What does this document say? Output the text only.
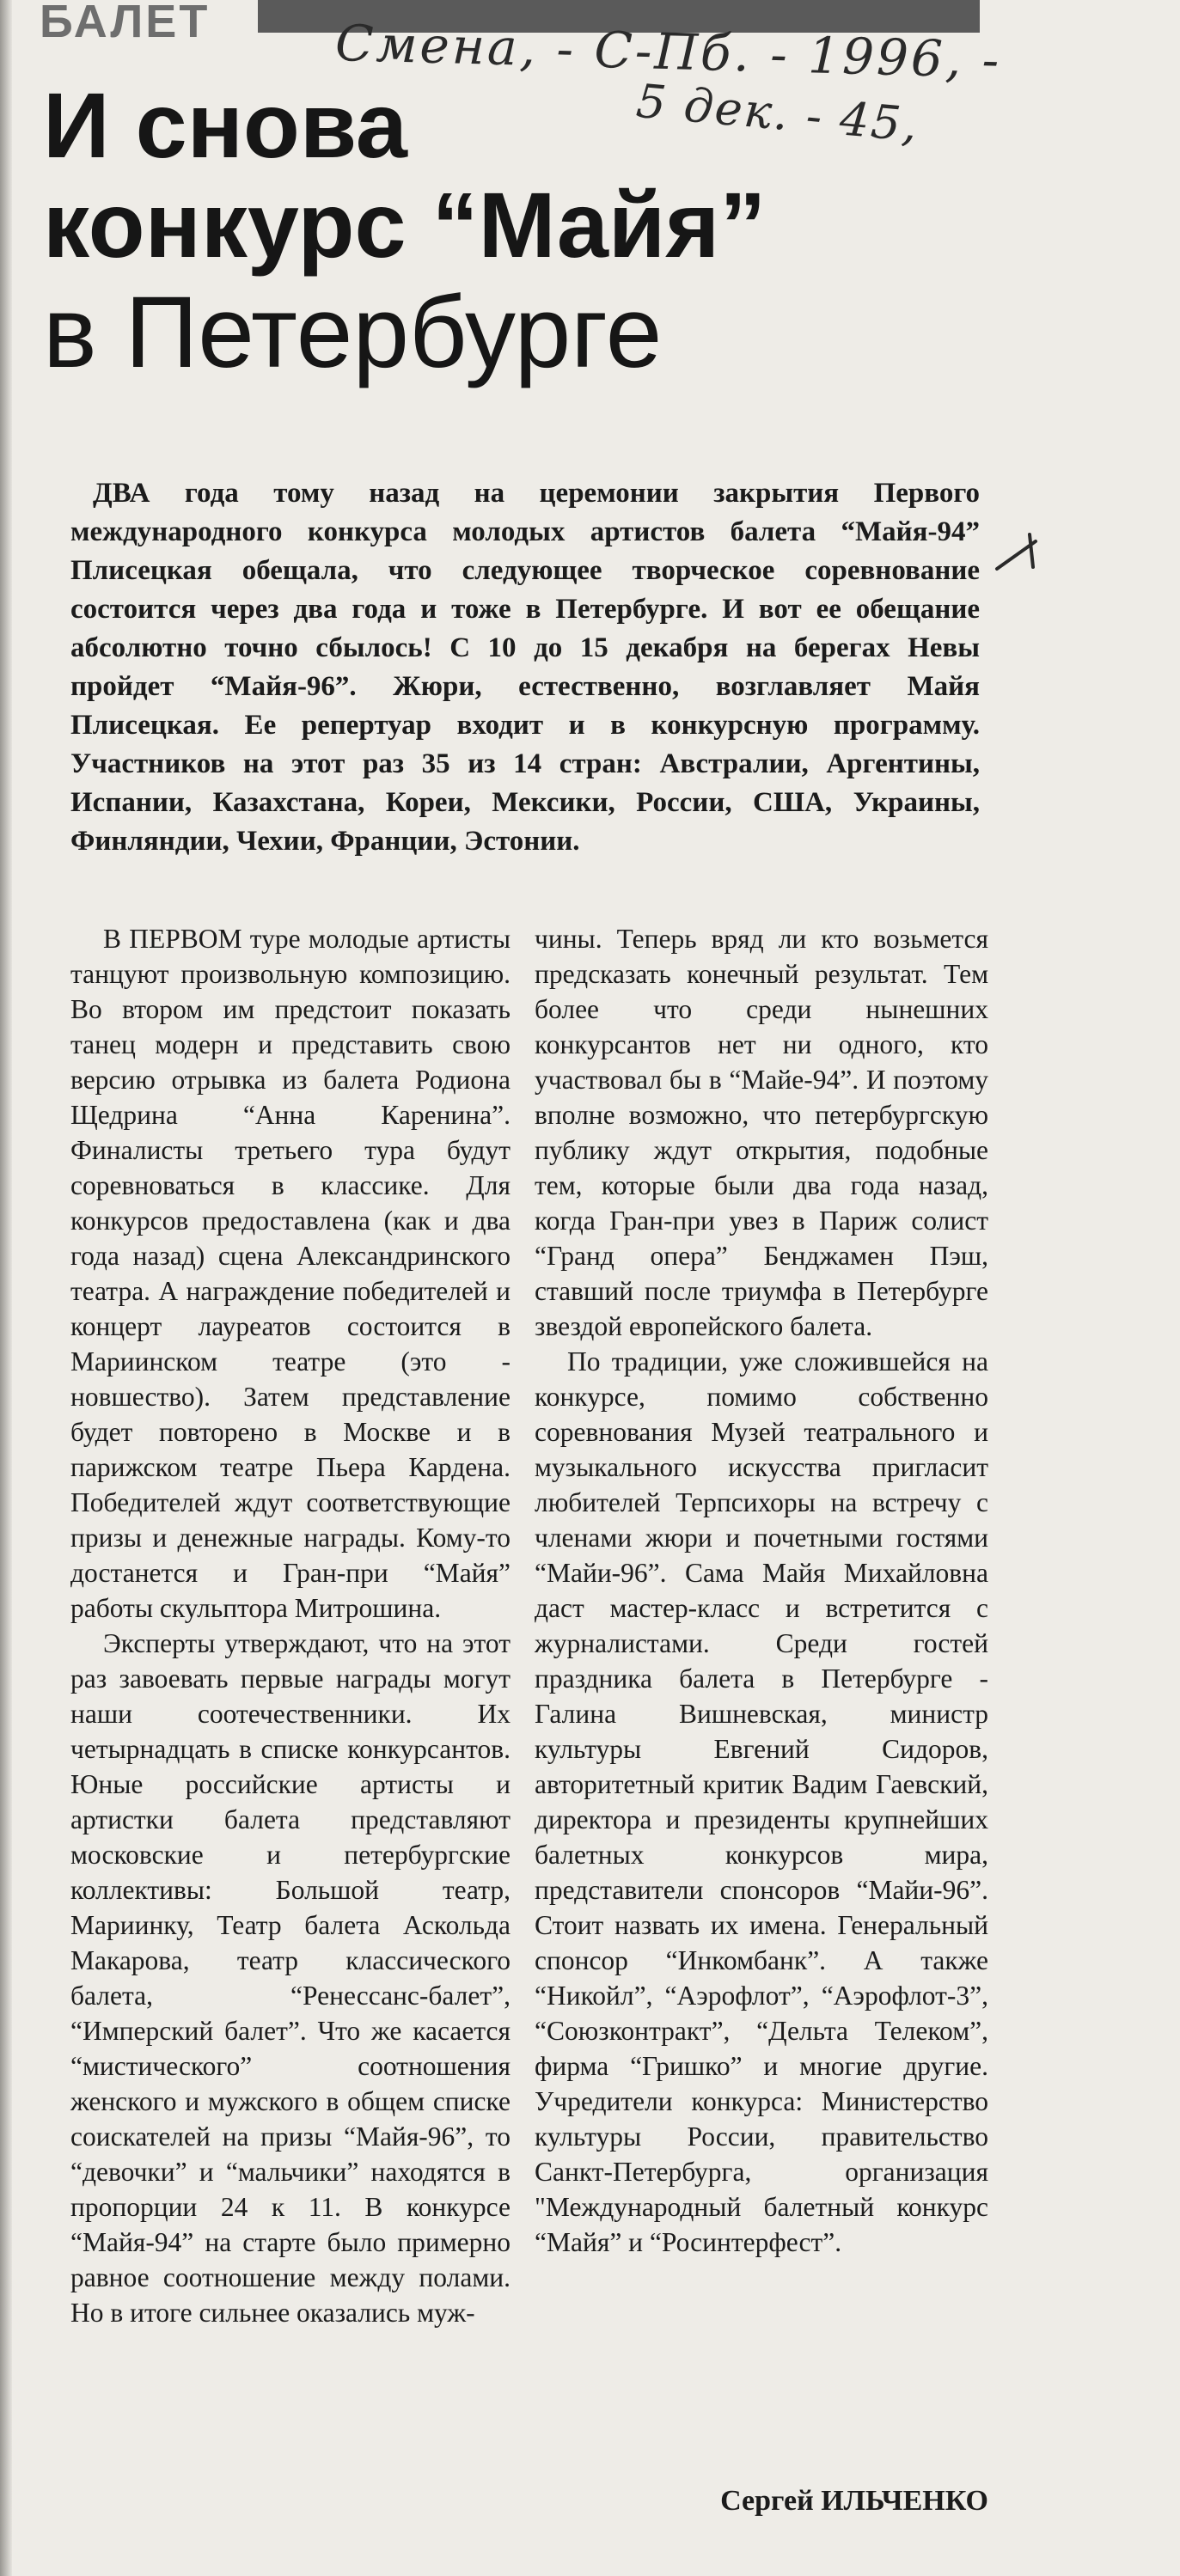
БАЛЕТ Смена, - С-Пб. - 1996, -

5 дек. - 45,

И снова
конкурс “Майя”
в Петербурге

ДВА года тому назад на церемонии закрытия Первого международного конкурса молодых артистов балета “Майя-94” Плисецкая обещала, что следующее творческое соревнование состоится через два года и тоже в Петербурге. И вот ее обещание абсолютно точно сбылось! С 10 до 15 декабря на берегах Невы пройдет “Майя-96”. Жюри, естественно, возглавляет Майя Плисецкая. Ее репертуар входит и в конкурсную программу. Участников на этот раз 35 из 14 стран: Австралии, Аргентины, Испании, Казахстана, Кореи, Мексики, России, США, Украины, Финляндии, Чехии, Франции, Эстонии.

В ПЕРВОМ туре молодые артисты танцуют произвольную композицию. Во втором им предстоит показать танец модерн и представить свою версию отрывка из балета Родиона Щедрина “Анна Каренина”. Финалисты третьего тура будут соревноваться в классике. Для конкурсов предоставлена (как и два года назад) сцена Александринского театра. А награждение победителей и концерт лауреатов состоится в Мариинском театре (это - новшество). Затем представление будет повторено в Москве и в парижском театре Пьера Кардена. Победителей ждут соответствующие призы и денежные награды. Кому-то достанется и Гран-при “Майя” работы скульптора Митрошина.

Эксперты утверждают, что на этот раз завоевать первые награды могут наши соотечественники. Их четырнадцать в списке конкурсантов. Юные российские артисты и артистки балета представляют московские и петербургские коллективы: Большой театр, Мариинку, Театр балета Аскольда Макарова, театр классического балета, “Ренессанс-балет”, “Имперский балет”. Что же касается “мистического” соотношения женского и мужского в общем списке соискателей на призы “Майя-96”, то “девочки” и “мальчики” находятся в пропорции 24 к 11. В конкурсе “Майя-94” на старте было примерно равное соотношение между полами. Но в итоге сильнее оказались муж-

чины. Теперь вряд ли кто возьмется предсказать конечный результат. Тем более что среди нынешних конкурсантов нет ни одного, кто участвовал бы в “Майе-94”. И поэтому вполне возможно, что петербургскую публику ждут открытия, подобные тем, которые были два года назад, когда Гран-при увез в Париж солист “Гранд опера” Бенджамен Пэш, ставший после триумфа в Петербурге звездой европейского балета.

По традиции, уже сложившейся на конкурсе, помимо собственно соревнования Музей театрального и музыкального искусства пригласит любителей Терпсихоры на встречу с членами жюри и почетными гостями “Майи-96”. Сама Майя Михайловна даст мастер-класс и встретится с журналистами. Среди гостей праздника балета в Петербурге - Галина Вишневская, министр культуры Евгений Сидоров, авторитетный критик Вадим Гаевский, директора и президенты крупнейших балетных конкурсов мира, представители спонсоров “Майи-96”. Стоит назвать их имена. Генеральный спонсор “Инкомбанк”. А также “Никойл”, “Аэрофлот”, “Аэрофлот-3”, “Союзконтракт”, “Дельта Телеком”, фирма “Гришко” и многие другие. Учредители конкурса: Министерство культуры России, правительство Санкт-Петербурга, организация "Международный балетный конкурс “Майя” и “Росинтерфест”.

Сергей ИЛЬЧЕНКО
